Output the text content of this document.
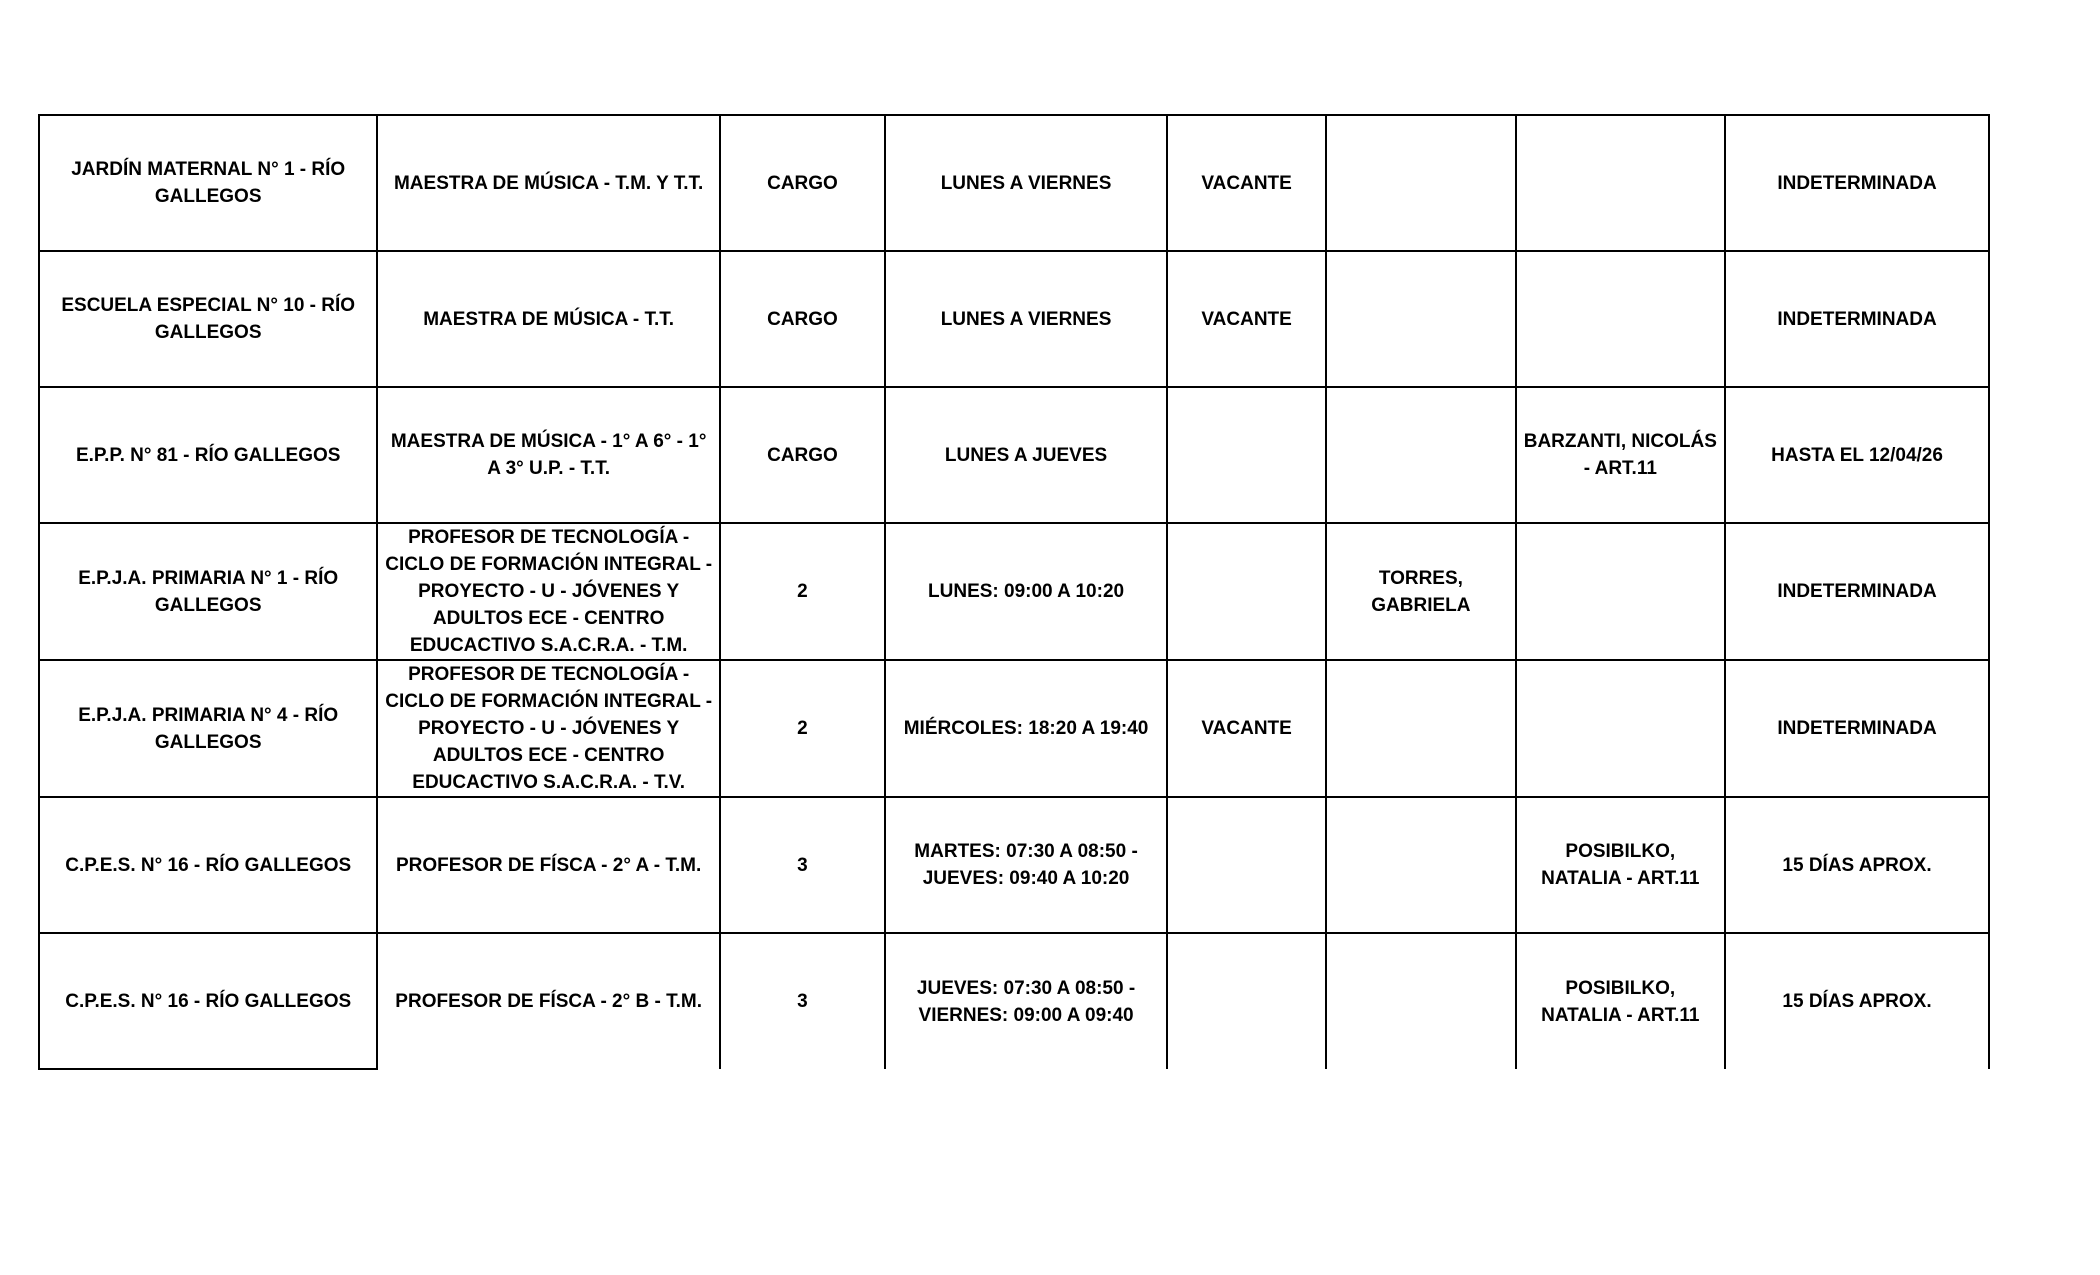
JARDÍN MATERNAL N° 1 - RÍO GALLEGOS	MAESTRA DE MÚSICA - T.M. Y T.T.	CARGO	LUNES A VIERNES	VACANTE			INDETERMINADA
ESCUELA ESPECIAL N° 10 - RÍO GALLEGOS	MAESTRA DE MÚSICA - T.T.	CARGO	LUNES A VIERNES	VACANTE			INDETERMINADA
E.P.P. N° 81 - RÍO GALLEGOS	MAESTRA DE MÚSICA - 1° A 6° - 1° A 3° U.P. - T.T.	CARGO	LUNES A JUEVES			BARZANTI, NICOLÁS - ART.11	HASTA EL 12/04/26
E.P.J.A. PRIMARIA N° 1 - RÍO GALLEGOS	PROFESOR DE TECNOLOGÍA - CICLO DE FORMACIÓN INTEGRAL - PROYECTO - U - JÓVENES Y ADULTOS ECE - CENTRO EDUCACTIVO S.A.C.R.A. - T.M.	2	LUNES: 09:00 A 10:20		TORRES, GABRIELA		INDETERMINADA
E.P.J.A. PRIMARIA N° 4 - RÍO GALLEGOS	PROFESOR DE TECNOLOGÍA - CICLO DE FORMACIÓN INTEGRAL - PROYECTO - U - JÓVENES Y ADULTOS ECE - CENTRO EDUCACTIVO S.A.C.R.A. - T.V.	2	MIÉRCOLES: 18:20 A 19:40	VACANTE			INDETERMINADA
C.P.E.S. N° 16 - RÍO GALLEGOS	PROFESOR DE FÍSCA - 2° A - T.M.	3	MARTES: 07:30 A 08:50 - JUEVES: 09:40 A 10:20			POSIBILKO, NATALIA - ART.11	15 DÍAS APROX.
C.P.E.S. N° 16 - RÍO GALLEGOS	PROFESOR DE FÍSCA - 2° B - T.M.	3	JUEVES: 07:30 A 08:50 - VIERNES: 09:00 A 09:40			POSIBILKO, NATALIA - ART.11	15 DÍAS APROX.
